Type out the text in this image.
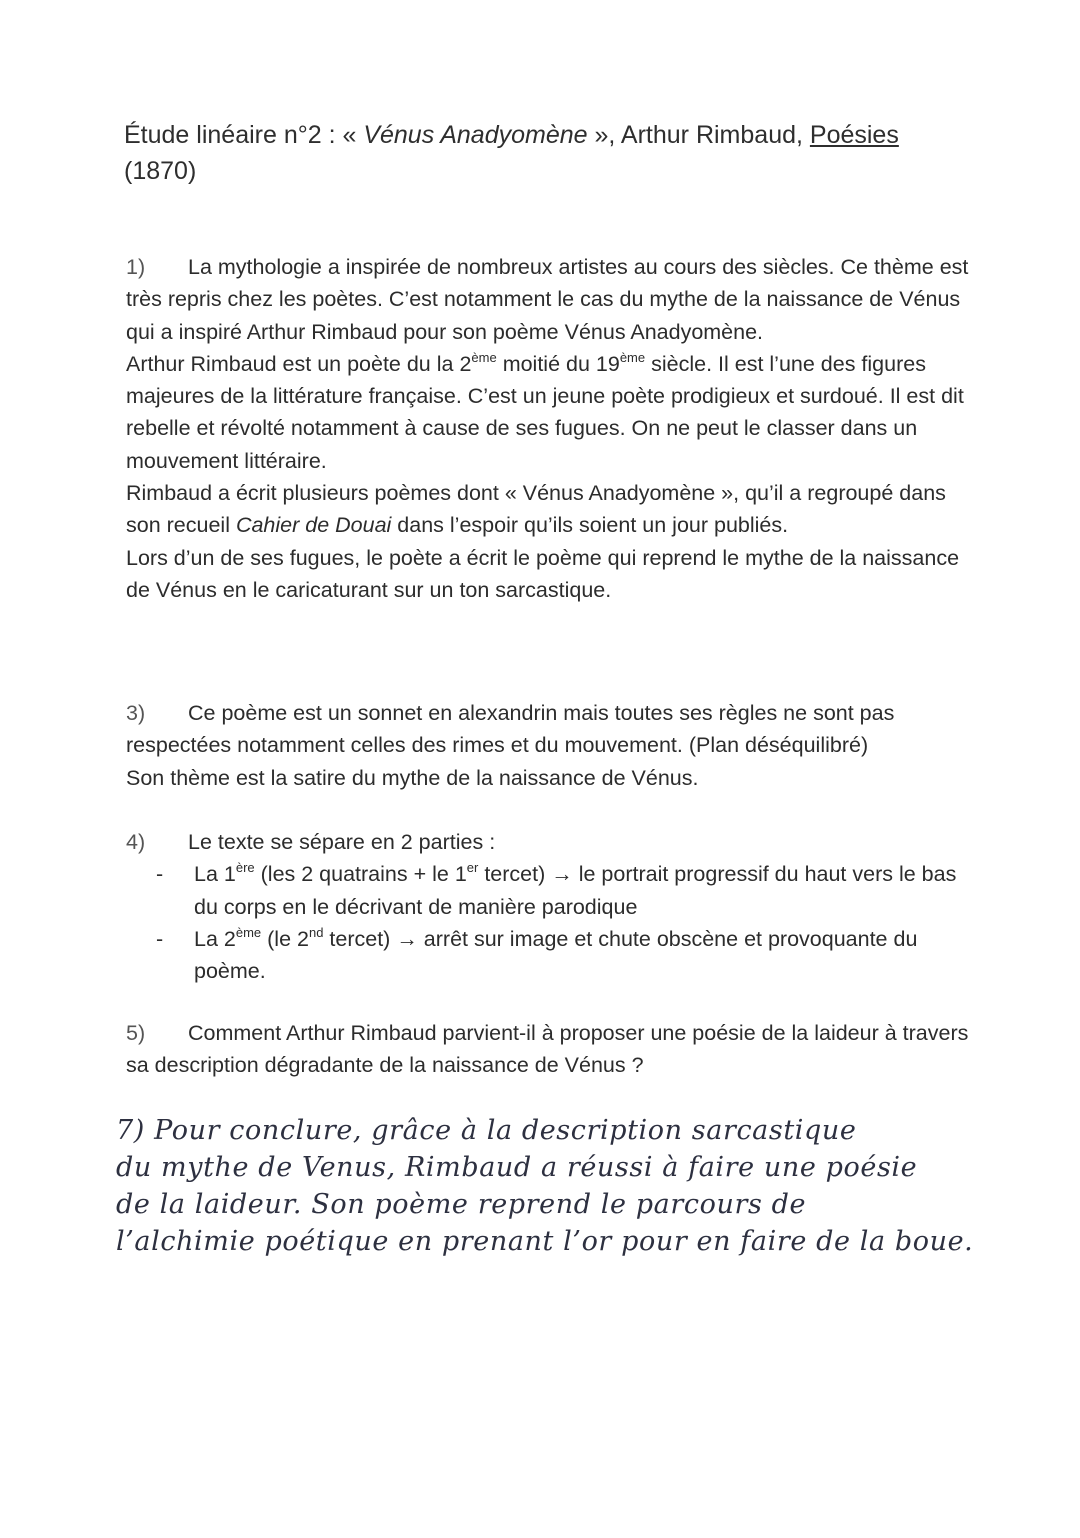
Étude linéaire n°2 : « Vénus Anadyomène », Arthur Rimbaud, Poésies
(1870)

1) La mythologie a inspirée de nombreux artistes au cours des siècles. Ce thème est très repris chez les poètes. C’est notamment le cas du mythe de la naissance de Vénus qui a inspiré Arthur Rimbaud pour son poème Vénus Anadyomène.

Arthur Rimbaud est un poète du la 2ème moitié du 19ème siècle. Il est l’une des figures majeures de la littérature française. C’est un jeune poète prodigieux et surdoué. Il est dit rebelle et révolté notamment à cause de ses fugues. On ne peut le classer dans un mouvement littéraire.

Rimbaud a écrit plusieurs poèmes dont « Vénus Anadyomène », qu’il a regroupé dans son recueil Cahier de Douai dans l’espoir qu’ils soient un jour publiés.

Lors d’un de ses fugues, le poète a écrit le poème qui reprend le mythe de la naissance de Vénus en le caricaturant sur un ton sarcastique.

3) Ce poème est un sonnet en alexandrin mais toutes ses règles ne sont pas respectées notamment celles des rimes et du mouvement. (Plan déséquilibré)

Son thème est la satire du mythe de la naissance de Vénus.

4) Le texte se sépare en 2 parties :

- La 1ère (les 2 quatrains + le 1er tercet) → le portrait progressif du haut vers le bas du corps en le décrivant de manière parodique
- La 2ème (le 2nd tercet) → arrêt sur image et chute obscène et provoquante du poème.

5) Comment Arthur Rimbaud parvient-il à proposer une poésie de la laideur à travers sa description dégradante de la naissance de Vénus ?

7) Pour conclure, grâce à la description sarcastique
du mythe de Venus, Rimbaud a réussi à faire une poésie
de la laideur. Son poème reprend le parcours de
l’alchimie poétique en prenant l’or pour en faire de la boue.
